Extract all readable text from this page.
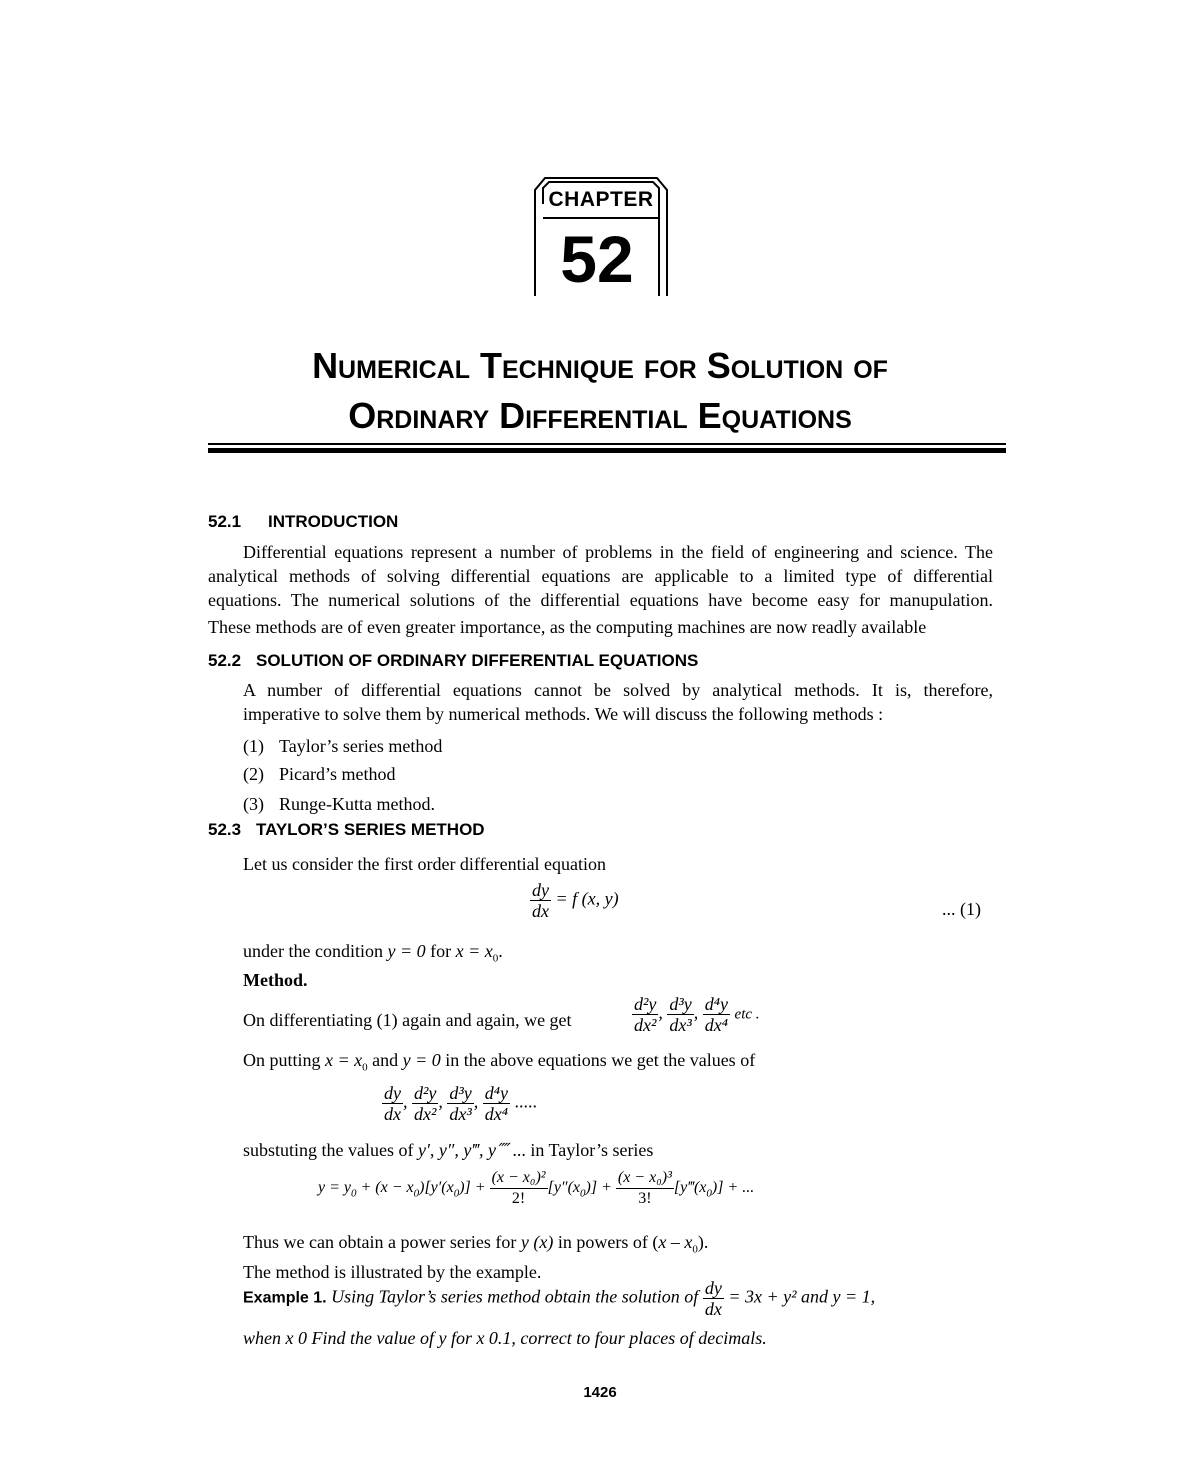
CHAPTER
52
Numerical Technique for Solution of
Ordinary Differential Equations
52.1 INTRODUCTION
Differential equations represent a number of problems in the field of engineering and science. The
analytical methods of solving differential equations are applicable to a limited type of differential
equations. The numerical solutions of the differential equations have become easy for manupulation.
These methods are of even greater importance, as the computing machines are now readly available
52.2 SOLUTION OF ORDINARY DIFFERENTIAL EQUATIONS
A number of differential equations cannot be solved by analytical methods. It is, therefore,
imperative to solve them by numerical methods. We will discuss the following methods :
(1) Taylor’s series method
(2) Picard’s method
(3) Runge-Kutta method.
52.3 TAYLOR’S SERIES METHOD
Let us consider the first order differential equation
$\frac{dy}{dx} = f$ (x, y)
... (1)
under the condition y = 0 for $x = x_0$.
Method.
On differentiating (1) again and again, we get	$\frac{\text{d²y}}{\text{dx²}}$ , $\frac{\text{d³y}}{\text{dx³}}$ , $\frac{\text{d⁴y}}{\text{dx⁴}}$ etc .
On putting $x = x_0$ and y = 0 in the above equations we get the values of
$\frac{dy}{dx}$ , $\frac{\text{d²y}}{\text{dx²}}$ , $\frac{\text{d³y}}{\text{dx³}}$ , $\frac{\text{d⁴y}}{\text{dx⁴}}$ .....
substuting the values of y′, y″, y‴, y⁗ ... in Taylor’s series
$y = y_0 + (x - x_0)[y'(x_0)] + \frac{\text{(x − x₀)²}}{2!} [y''(x_0)] + \frac{\text{(x − x₀)³}}{3!}$ $[y‴(x_0)]$ + ...
Thus we can obtain a power series for y (x) in powers of $(x - x_0)$.
The method is illustrated by the example.
Example 1. Using Taylor’s series method obtain the solution of $\frac{dy}{dx} = 3x + y^2$ and y = 1,
when x 0 Find the value of y for x 0.1, correct to four places of decimals.
1426
